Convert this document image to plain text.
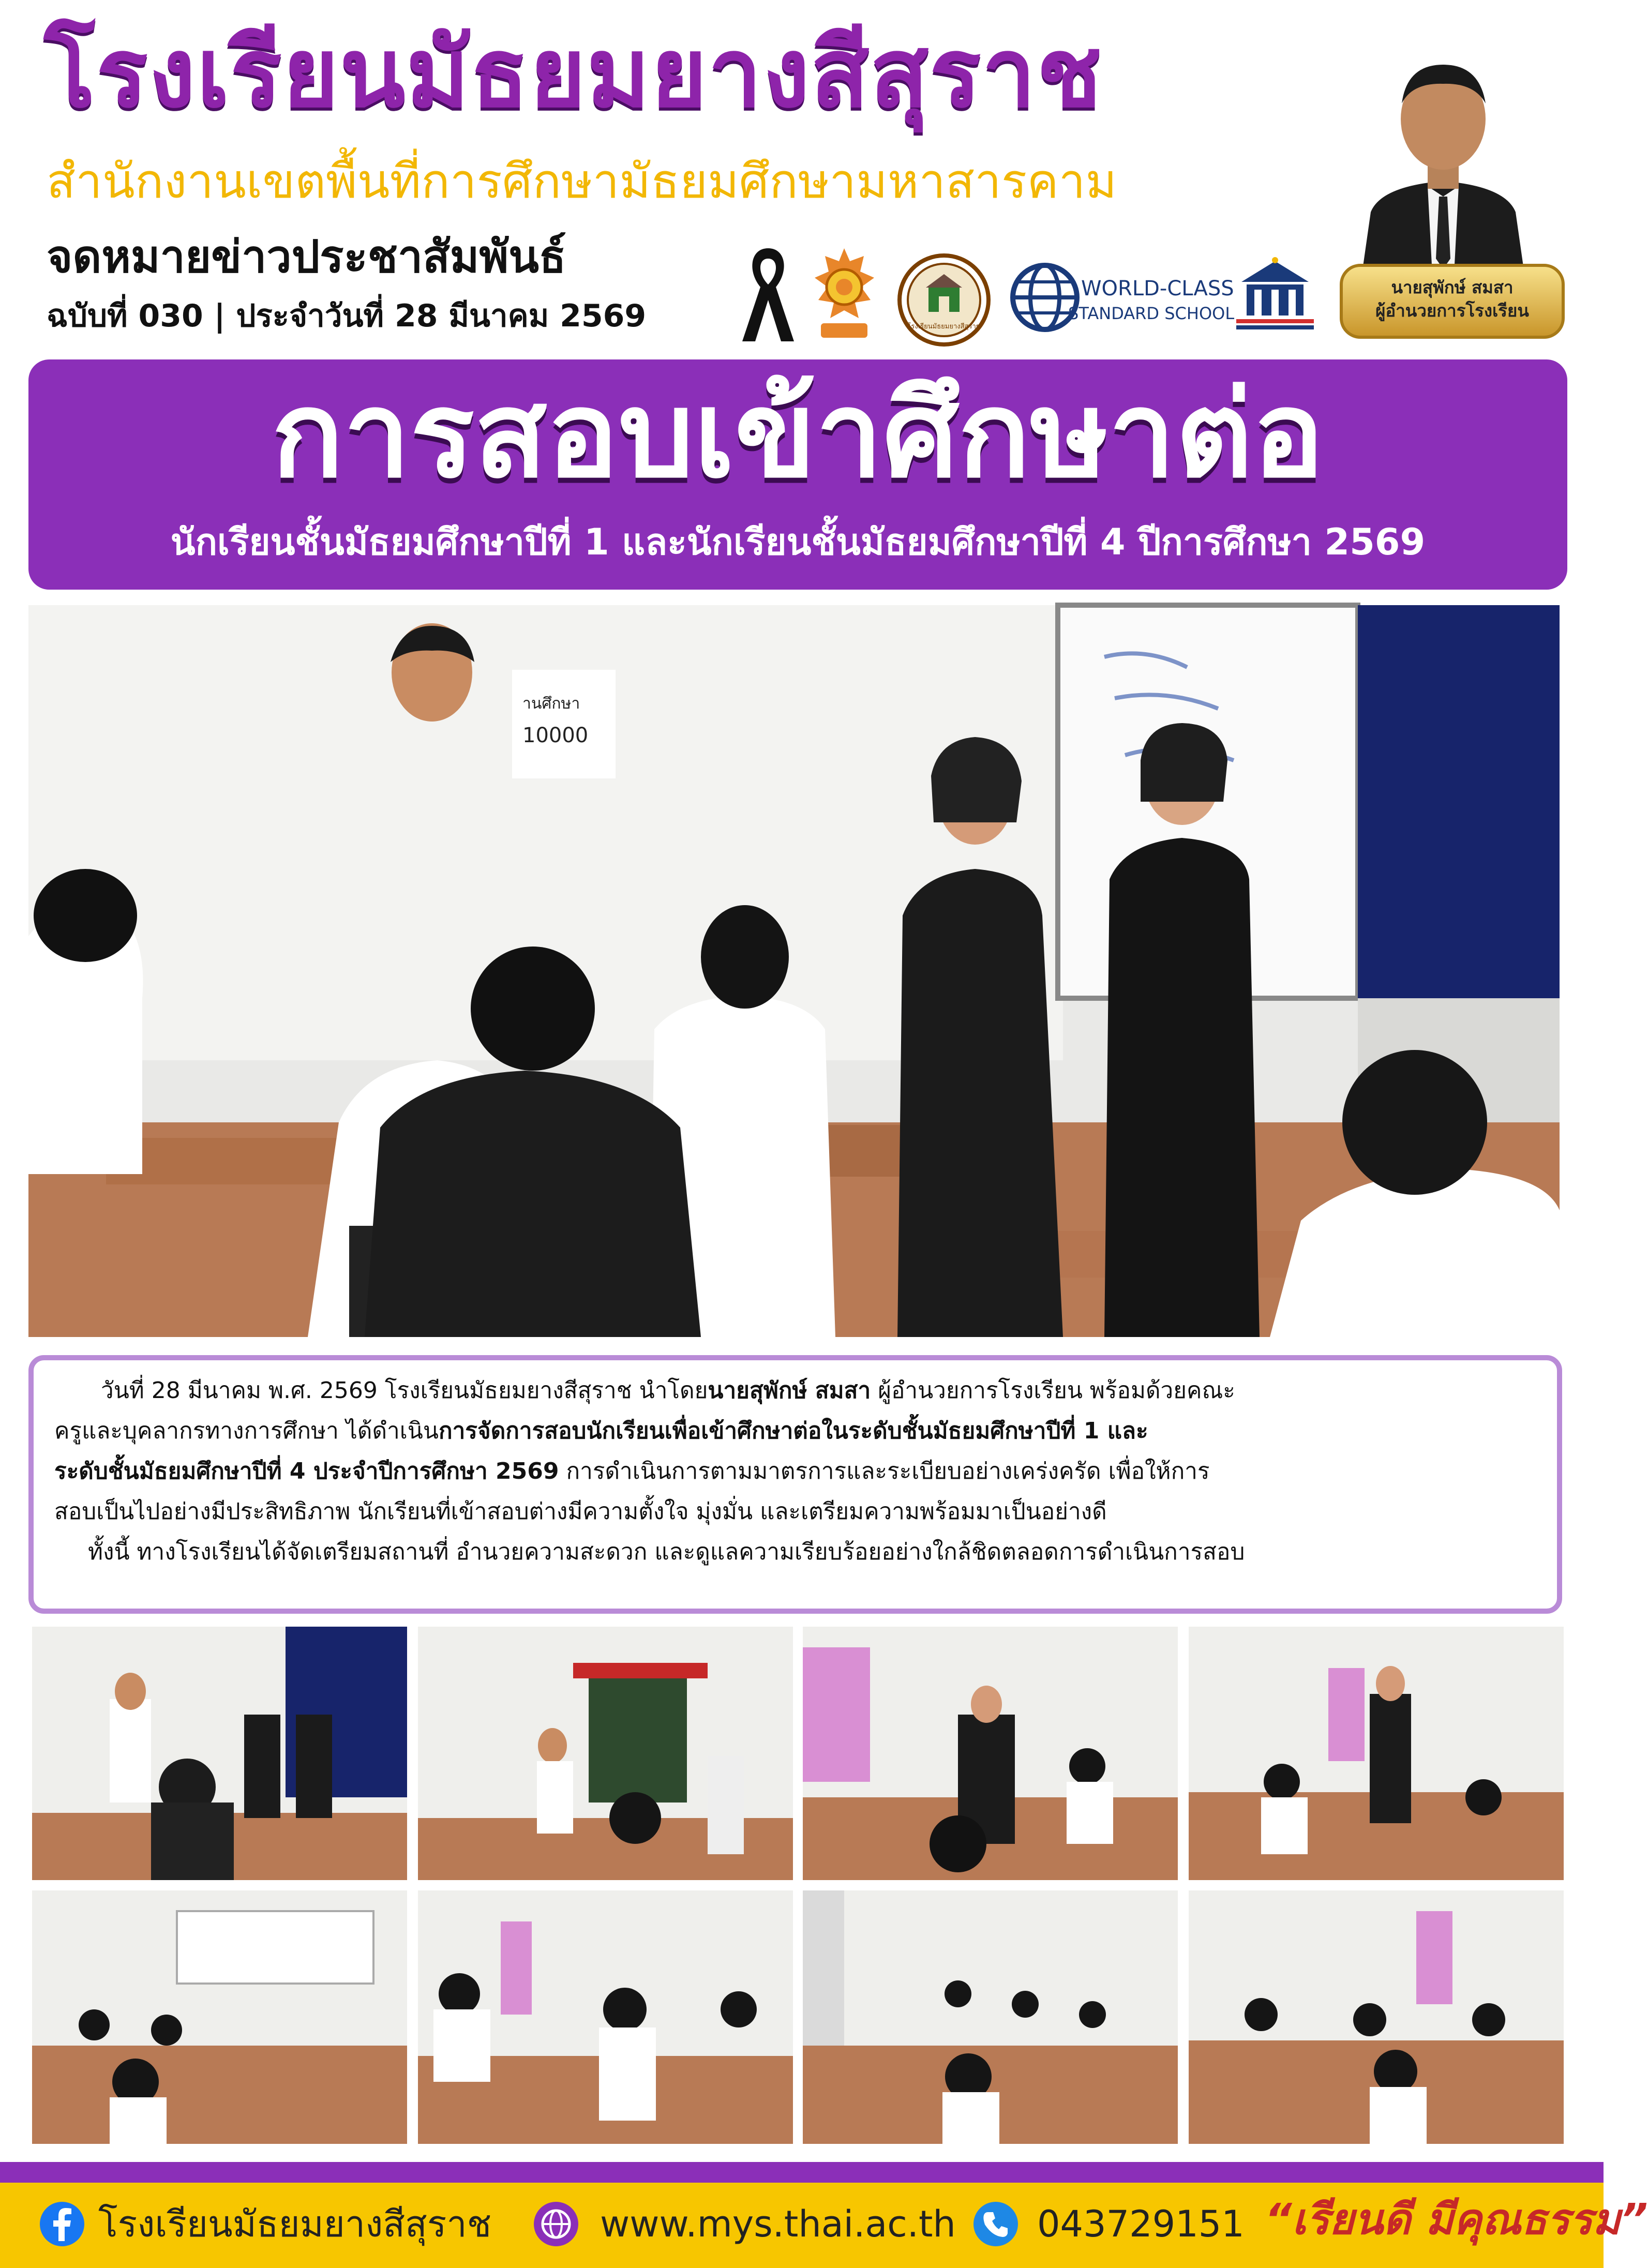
โรงเรียนมัธยมยางสีสุราช
สำนักงานเขตพื้นที่การศึกษามัธยมศึกษามหาสารคาม
จดหมายข่าวประชาสัมพันธ์
ฉบับที่ 030 | ประจำวันที่ 28 มีนาคม 2569	โรงเรียนมัธยมยางสีสุราช
WORLD-CLASS
STANDARD SCHOOL
นายสุพักษ์ สมสา
ผู้อำนวยการโรงเรียน
การสอบเข้าศึกษาต่อ
นักเรียนชั้นมัธยมศึกษาปีที่ 1 และนักเรียนชั้นมัธยมศึกษาปีที่ 4 ปีการศึกษา 2569
านศึกษา
10000
วันที่ 28 มีนาคม พ.ศ. 2569 โรงเรียนมัธยมยางสีสุราช นำโดยนายสุพักษ์ สมสา ผู้อำนวยการโรงเรียน พร้อมด้วยคณะ
ครูและบุคลากรทางการศึกษา ได้ดำเนินการจัดการสอบนักเรียนเพื่อเข้าศึกษาต่อในระดับชั้นมัธยมศึกษาปีที่ 1 และ
ระดับชั้นมัธยมศึกษาปีที่ 4 ประจำปีการศึกษา 2569 การดำเนินการตามมาตรการและระเบียบอย่างเคร่งครัด เพื่อให้การ
สอบเป็นไปอย่างมีประสิทธิภาพ นักเรียนที่เข้าสอบต่างมีความตั้งใจ มุ่งมั่น และเตรียมความพร้อมมาเป็นอย่างดี
ทั้งนี้ ทางโรงเรียนได้จัดเตรียมสถานที่ อำนวยความสะดวก และดูแลความเรียบร้อยอย่างใกล้ชิดตลอดการดำเนินการสอบ
โรงเรียนมัธยมยางสีสุราช	www.mys.thai.ac.th 043729151 “เรียนดี มีคุณธรรม”
